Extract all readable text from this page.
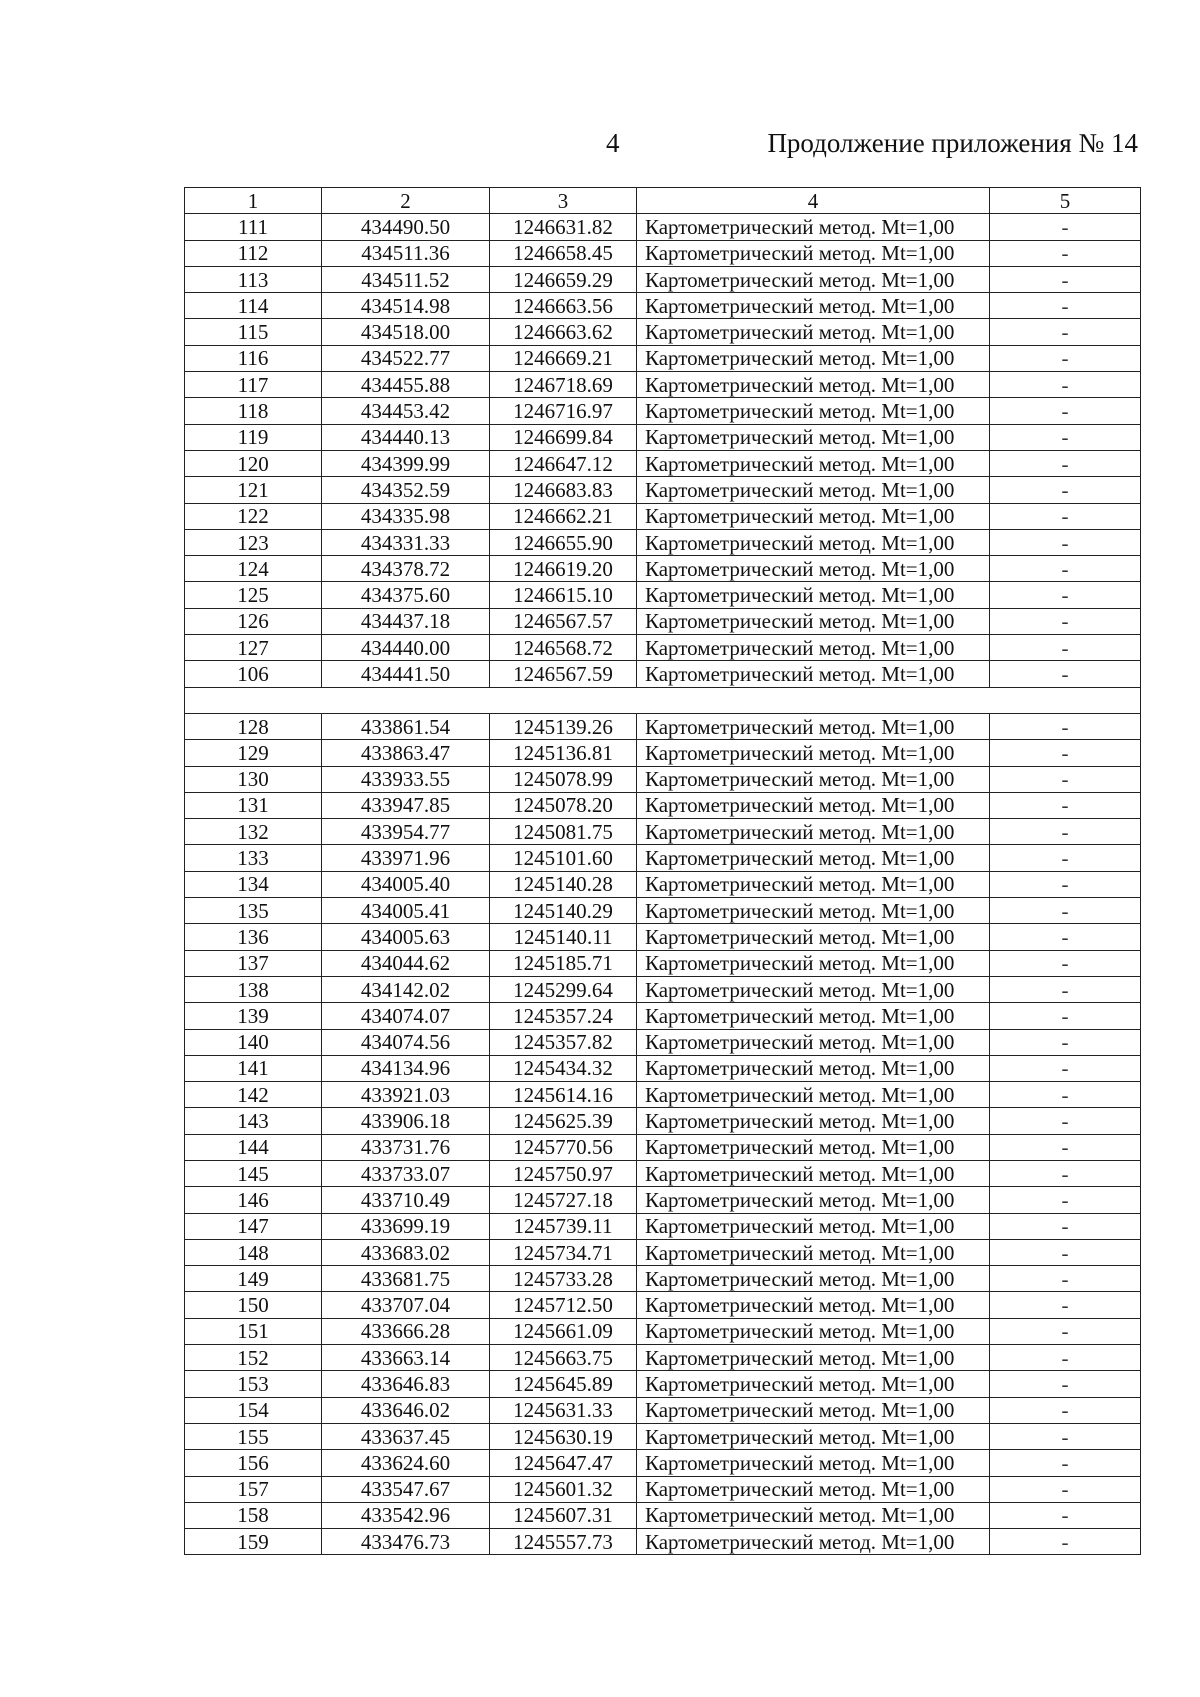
4	Продолжение приложения № 14
1	2	3	4	5
111	434490.50	1246631.82	Картометрический метод. Mt=1,00	-
112	434511.36	1246658.45	Картометрический метод. Mt=1,00	-
113	434511.52	1246659.29	Картометрический метод. Mt=1,00	-
114	434514.98	1246663.56	Картометрический метод. Mt=1,00	-
115	434518.00	1246663.62	Картометрический метод. Mt=1,00	-
116	434522.77	1246669.21	Картометрический метод. Mt=1,00	-
117	434455.88	1246718.69	Картометрический метод. Mt=1,00	-
118	434453.42	1246716.97	Картометрический метод. Mt=1,00	-
119	434440.13	1246699.84	Картометрический метод. Mt=1,00	-
120	434399.99	1246647.12	Картометрический метод. Mt=1,00	-
121	434352.59	1246683.83	Картометрический метод. Mt=1,00	-
122	434335.98	1246662.21	Картометрический метод. Mt=1,00	-
123	434331.33	1246655.90	Картометрический метод. Mt=1,00	-
124	434378.72	1246619.20	Картометрический метод. Mt=1,00	-
125	434375.60	1246615.10	Картометрический метод. Mt=1,00	-
126	434437.18	1246567.57	Картометрический метод. Mt=1,00	-
127	434440.00	1246568.72	Картометрический метод. Mt=1,00	-
106	434441.50	1246567.59	Картометрический метод. Mt=1,00	-

128	433861.54	1245139.26	Картометрический метод. Mt=1,00	-
129	433863.47	1245136.81	Картометрический метод. Mt=1,00	-
130	433933.55	1245078.99	Картометрический метод. Mt=1,00	-
131	433947.85	1245078.20	Картометрический метод. Mt=1,00	-
132	433954.77	1245081.75	Картометрический метод. Mt=1,00	-
133	433971.96	1245101.60	Картометрический метод. Mt=1,00	-
134	434005.40	1245140.28	Картометрический метод. Mt=1,00	-
135	434005.41	1245140.29	Картометрический метод. Mt=1,00	-
136	434005.63	1245140.11	Картометрический метод. Mt=1,00	-
137	434044.62	1245185.71	Картометрический метод. Mt=1,00	-
138	434142.02	1245299.64	Картометрический метод. Mt=1,00	-
139	434074.07	1245357.24	Картометрический метод. Mt=1,00	-
140	434074.56	1245357.82	Картометрический метод. Mt=1,00	-
141	434134.96	1245434.32	Картометрический метод. Mt=1,00	-
142	433921.03	1245614.16	Картометрический метод. Mt=1,00	-
143	433906.18	1245625.39	Картометрический метод. Mt=1,00	-
144	433731.76	1245770.56	Картометрический метод. Mt=1,00	-
145	433733.07	1245750.97	Картометрический метод. Mt=1,00	-
146	433710.49	1245727.18	Картометрический метод. Mt=1,00	-
147	433699.19	1245739.11	Картометрический метод. Mt=1,00	-
148	433683.02	1245734.71	Картометрический метод. Mt=1,00	-
149	433681.75	1245733.28	Картометрический метод. Mt=1,00	-
150	433707.04	1245712.50	Картометрический метод. Mt=1,00	-
151	433666.28	1245661.09	Картометрический метод. Mt=1,00	-
152	433663.14	1245663.75	Картометрический метод. Mt=1,00	-
153	433646.83	1245645.89	Картометрический метод. Mt=1,00	-
154	433646.02	1245631.33	Картометрический метод. Mt=1,00	-
155	433637.45	1245630.19	Картометрический метод. Mt=1,00	-
156	433624.60	1245647.47	Картометрический метод. Mt=1,00	-
157	433547.67	1245601.32	Картометрический метод. Mt=1,00	-
158	433542.96	1245607.31	Картометрический метод. Mt=1,00	-
159	433476.73	1245557.73	Картометрический метод. Mt=1,00	-
